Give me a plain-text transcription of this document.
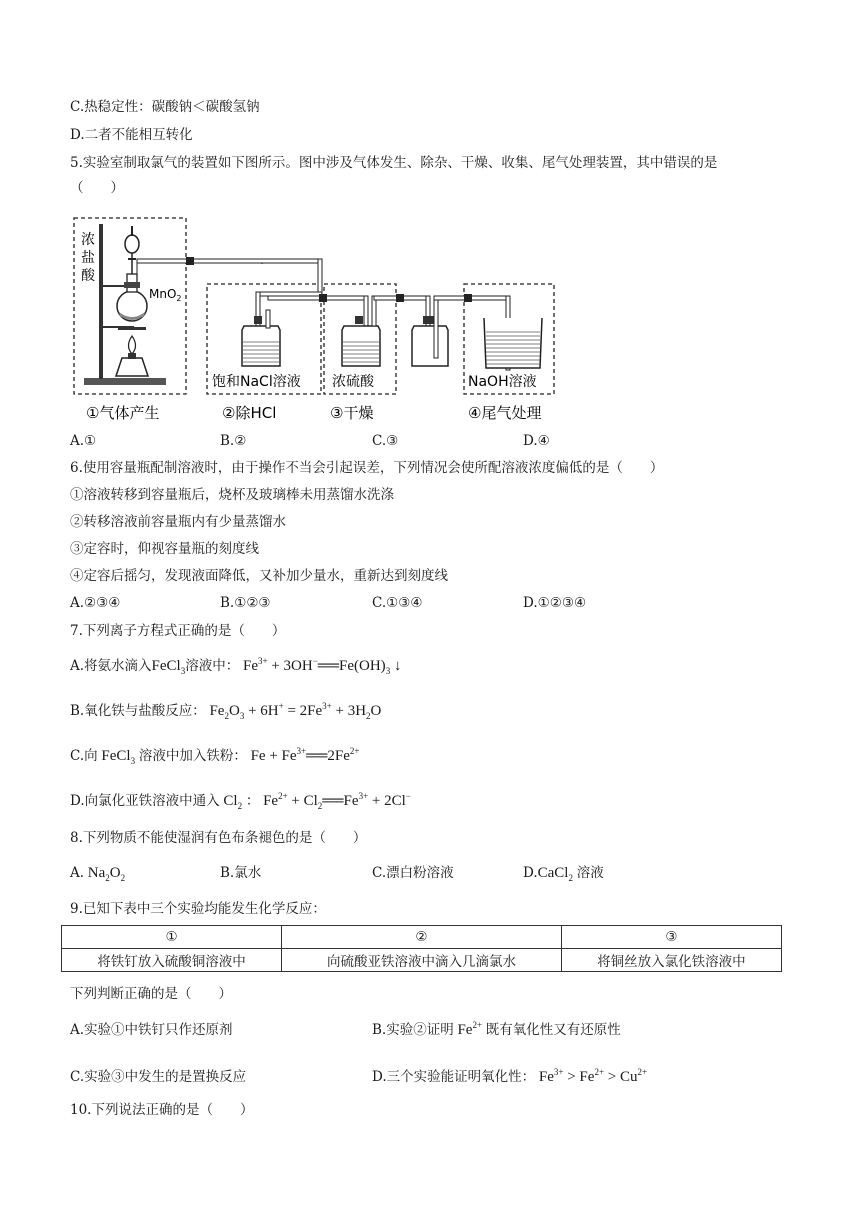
C.热稳定性：碳酸钠＜碳酸氢钠
D.二者不能相互转化
5.实验室制取氯气的装置如下图所示。图中涉及气体发生、除杂、干燥、收集、尾气处理装置，其中错误的是
（　　）
浓
盐
酸
MnO$_2$
饱和NaCl溶液 浓硫酸	NaOH溶液
①气体产生	②除HCl	③干燥	④尾气处理
A.①	B.②	C.③	D.④
6.使用容量瓶配制溶液时，由于操作不当会引起误差，下列情况会使所配溶液浓度偏低的是（　　）
①溶液转移到容量瓶后，烧杯及玻璃棒未用蒸馏水洗涤
②转移溶液前容量瓶内有少量蒸馏水
③定容时，仰视容量瓶的刻度线
④定容后摇匀，发现液面降低，又补加少量水，重新达到刻度线
A.②③④	B.①②③	C.①③④	D.①②③④
7.下列离子方程式正确的是（　　）
A.将氨水滴入FeCl$_3$溶液中： $Fe^{3+}$ + $3OH^-══Fe(OH)_3$ ↓
B.氧化铁与盐酸反应： $Fe_2O_3 + 6H^+ = 2Fe^{3+} + 3H_2O$
C.向 FeCl$_3$ 溶液中加入铁粉： $Fe + Fe^{3+}══2Fe^{2+}$
D.向氯化亚铁溶液中通入 $Cl_2$ ： $Fe^{2+}$ + $Cl_2══Fe^{3+} + 2Cl^-$
8.下列物质不能使湿润有色布条褪色的是（　　）
A. $Na_2O_2$	B.氯水	C.漂白粉溶液	D.CaCl$_2$ 溶液
9.已知下表中三个实验均能发生化学反应：
①	②	③
将铁钉放入硫酸铜溶液中	向硫酸亚铁溶液中滴入几滴氯水	将铜丝放入氯化铁溶液中
下列判断正确的是（　　）
A.实验①中铁钉只作还原剂	B.实验②证明 $Fe^{2+}$ 既有氧化性又有还原性
C.实验③中发生的是置换反应	D.三个实验能证明氧化性： $Fe^{3+} > Fe^{2+} > Cu^{2+}$
10.下列说法正确的是（　　）
